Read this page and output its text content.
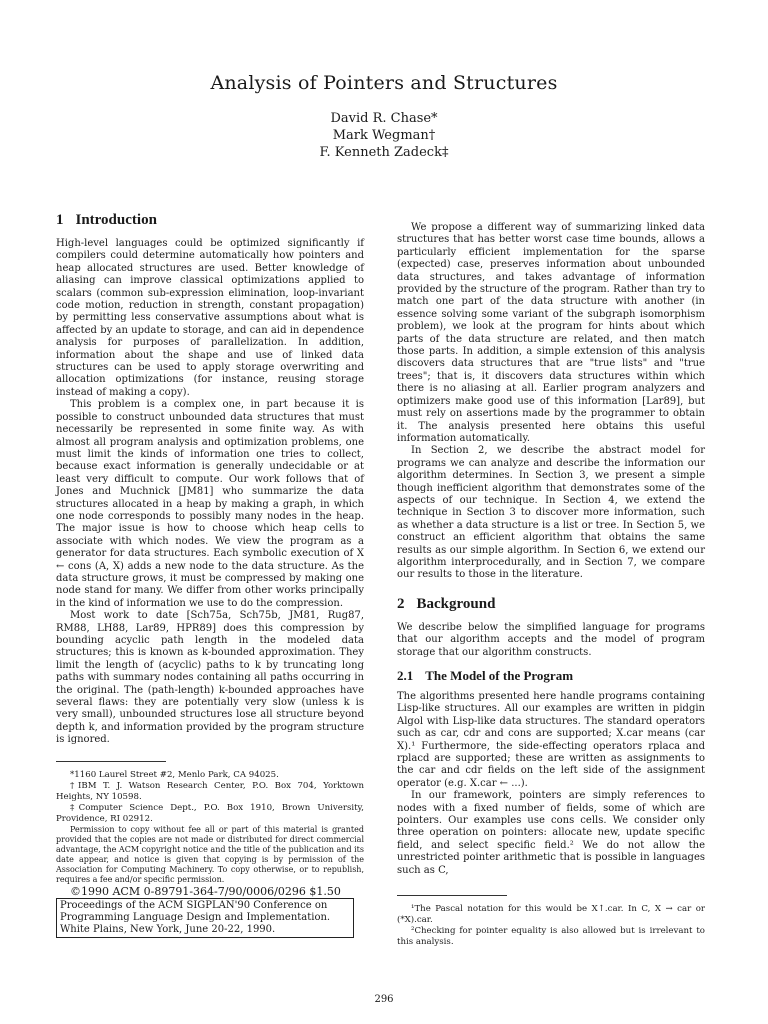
Analysis of Pointers and Structures
David R. Chase*
Mark Wegman†
F. Kenneth Zadeck‡
1 Introduction

High-level languages could be optimized significantly if compilers could determine automatically how pointers and heap allocated structures are used. Better knowledge of aliasing can improve classical optimizations applied to scalars (common sub-expression elimination, loop-invariant code motion, reduction in strength, constant propagation) by permitting less conservative assumptions about what is affected by an update to storage, and can aid in dependence analysis for purposes of parallelization. In addition, information about the shape and use of linked data structures can be used to apply storage overwriting and allocation optimizations (for instance, reusing storage instead of making a copy).

This problem is a complex one, in part because it is possible to construct unbounded data structures that must necessarily be represented in some finite way. As with almost all program analysis and optimization problems, one must limit the kinds of information one tries to collect, because exact information is generally undecidable or at least very difficult to compute. Our work follows that of Jones and Muchnick [JM81] who summarize the data structures allocated in a heap by making a graph, in which one node corresponds to possibly many nodes in the heap. The major issue is how to choose which heap cells to associate with which nodes. We view the program as a generator for data structures. Each symbolic execution of X ← cons (A, X) adds a new node to the data structure. As the data structure grows, it must be compressed by making one node stand for many. We differ from other works principally in the kind of information we use to do the compression.

Most work to date [Sch75a, Sch75b, JM81, Rug87, RM88, LH88, Lar89, HPR89] does this compression by bounding acyclic path length in the modeled data structures; this is known as k-bounded approximation. They limit the length of (acyclic) paths to k by truncating long paths with summary nodes containing all paths occurring in the original. The (path-length) k-bounded approaches have several flaws: they are potentially very slow (unless k is very small), unbounded structures lose all structure beyond depth k, and information provided by the program structure is ignored.

*1160 Laurel Street #2, Menlo Park, CA 94025.

†IBM T. J. Watson Research Center, P.O. Box 704, Yorktown Heights, NY 10598.

‡Computer Science Dept., P.O. Box 1910, Brown University, Providence, RI 02912.

Permission to copy without fee all or part of this material is granted provided that the copies are not made or distributed for direct commercial advantage, the ACM copyright notice and the title of the publication and its date appear, and notice is given that copying is by permission of the Association for Computing Machinery. To copy otherwise, or to republish, requires a fee and/or specific permission.

©1990 ACM 0-89791-364-7/90/0006/0296 $1.50

Proceedings of the ACM SIGPLAN'90 Conference on
Programming Language Design and Implementation.
White Plains, New York, June 20-22, 1990.

We propose a different way of summarizing linked data structures that has better worst case time bounds, allows a particularly efficient implementation for the sparse (expected) case, preserves information about unbounded data structures, and takes advantage of information provided by the structure of the program. Rather than try to match one part of the data structure with another (in essence solving some variant of the subgraph isomorphism problem), we look at the program for hints about which parts of the data structure are related, and then match those parts. In addition, a simple extension of this analysis discovers data structures that are "true lists" and "true trees"; that is, it discovers data structures within which there is no aliasing at all. Earlier program analyzers and optimizers make good use of this information [Lar89], but must rely on assertions made by the programmer to obtain it. The analysis presented here obtains this useful information automatically.

In Section 2, we describe the abstract model for programs we can analyze and describe the information our algorithm determines. In Section 3, we present a simple though inefficient algorithm that demonstrates some of the aspects of our technique. In Section 4, we extend the technique in Section 3 to discover more information, such as whether a data structure is a list or tree. In Section 5, we construct an efficient algorithm that obtains the same results as our simple algorithm. In Section 6, we extend our algorithm interprocedurally, and in Section 7, we compare our results to those in the literature.

2 Background

We describe below the simplified language for programs that our algorithm accepts and the model of program storage that our algorithm constructs.

2.1 The Model of the Program

The algorithms presented here handle programs containing Lisp-like structures. All our examples are written in pidgin Algol with Lisp-like data structures. The standard operators such as car, cdr and cons are supported; X.car means (car X).¹ Furthermore, the side-effecting operators rplaca and rplacd are supported; these are written as assignments to the car and cdr fields on the left side of the assignment operator (e.g. X.car ← ...).

In our framework, pointers are simply references to nodes with a fixed number of fields, some of which are pointers. Our examples use cons cells. We consider only three operation on pointers: allocate new, update specific field, and select specific field.² We do not allow the unrestricted pointer arithmetic that is possible in languages such as C,

¹The Pascal notation for this would be X↑.car. In C, X → car or (*X).car.

²Checking for pointer equality is also allowed but is irrelevant to this analysis.

296
